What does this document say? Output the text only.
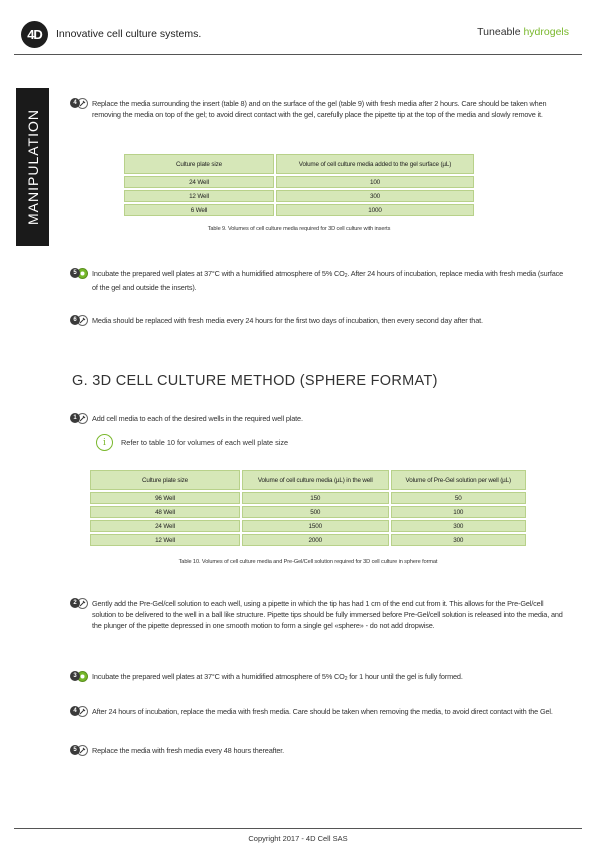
4D	Innovative cell culture systems.	Tuneable hydrogels
MANIPULATION
4	Replace the media surrounding the insert (table 8) and on the surface of the gel (table 9) with fresh media after 2 hours. Care should be taken when removing the media on top of the gel; to avoid direct contact with the gel, carefully place the pipette tip at the top of the media and slowly remove it.
Culture plate size	Volume of cell culture media added to the gel surface (µL)
24 Well	100
12 Well	300
6 Well	1000
Table 9. Volumes of cell culture media required for 3D cell culture with inserts
5	Incubate the prepared well plates at 37°C with a humidified atmosphere of 5% $CO_2$. After 24 hours of incubation, replace media with fresh media (surface of the gel and outside the inserts).
6	Media should be replaced with fresh media every 24 hours for the first two days of incubation, then every second day after that.
G. 3D CELL CULTURE METHOD (SPHERE FORMAT)
1	Add cell media to each of the desired wells in the required well plate.
i	Refer to table 10 for volumes of each well plate size
Culture plate size	Volume of cell culture media (µL) in the well	Volume of Pre-Gel solution per well (µL)
96 Well	150	50
48 Well	500	100
24 Well	1500	300
12 Well	2000	300
Table 10. Volumes of cell culture media and Pre-Gel/Cell solution required for 3D cell culture in sphere format
2	Gently add the Pre-Gel/cell solution to each well, using a pipette in which the tip has had 1 cm of the end cut from it. This allows for the Pre-Gel/cell solution to be delivered to the well in a ball like structure. Pipette tips should be fully immersed before Pre-Gel/cell solution is released into the media, and the plunger of the pipette depressed in one smooth motion to form a single gel «sphere» - do not add dropwise.
3	Incubate the prepared well plates at 37°C with a humidified atmosphere of 5% $CO_2$ for 1 hour until the gel is fully formed.
4	After 24 hours of incubation, replace the media with fresh media. Care should be taken when removing the media, to avoid direct contact with the Gel.
5	Replace the media with fresh media every 48 hours thereafter.
Copyright 2017 - 4D Cell SAS
